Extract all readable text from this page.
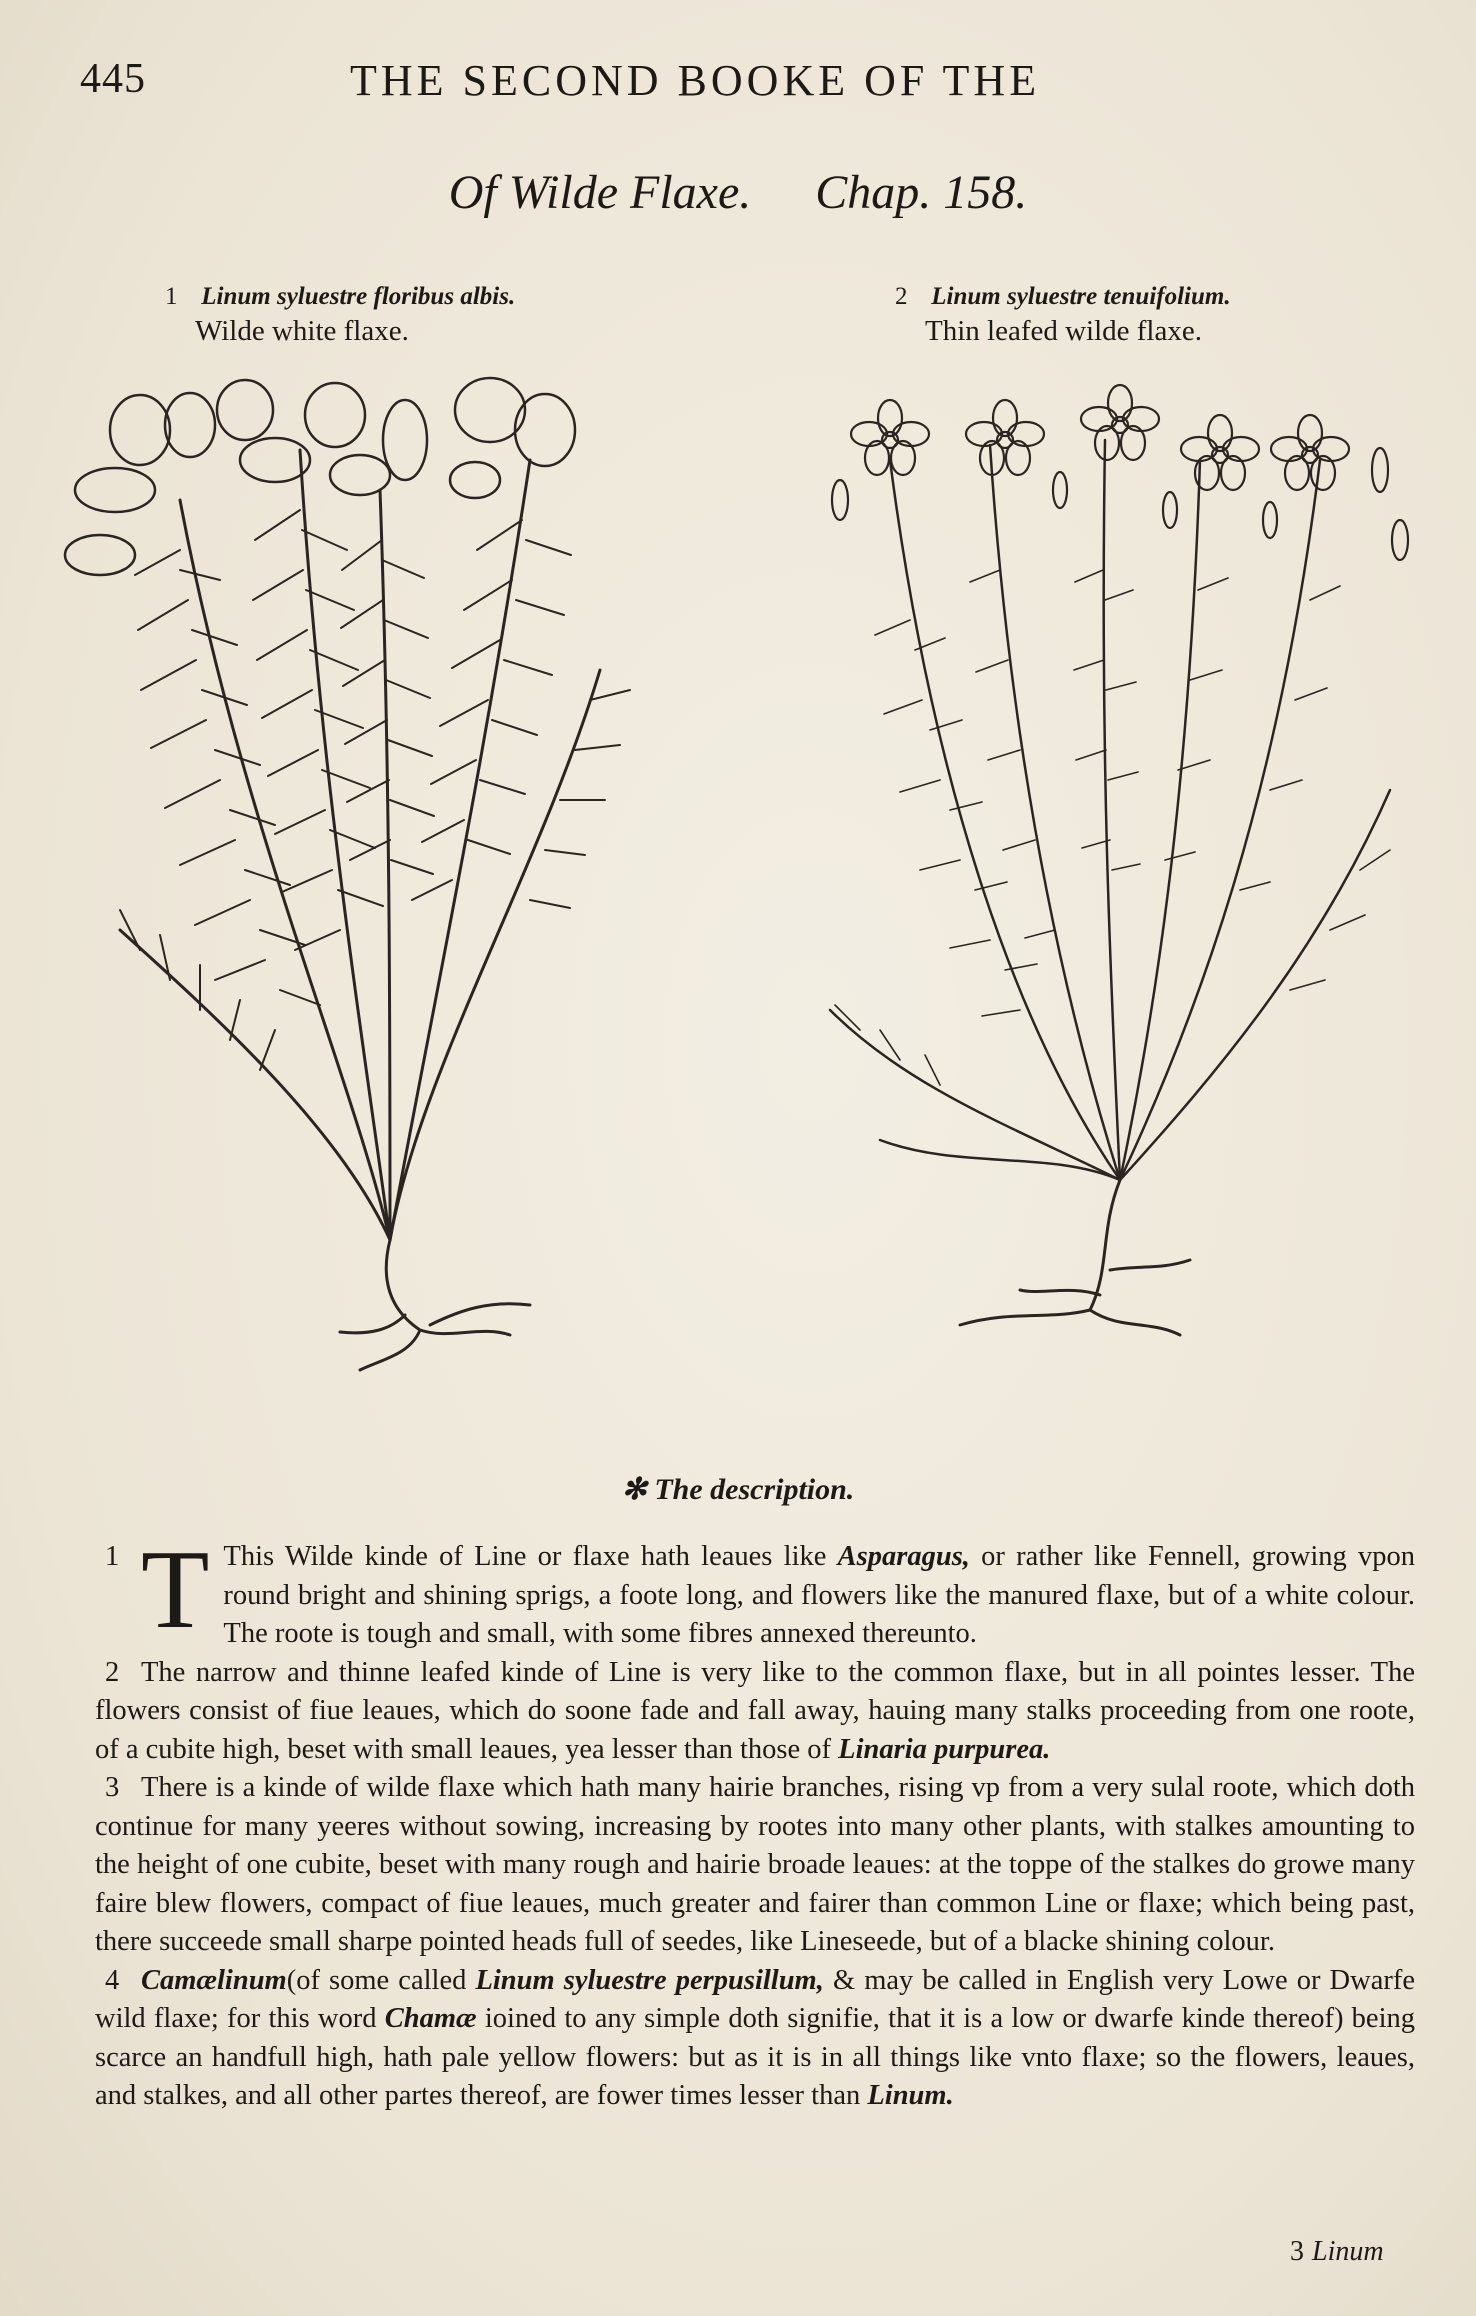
445	THE SECOND BOOKE OF THE
Of Wilde Flaxe. Chap. 158.
1 Linum syluestre floribus albis.
Wilde white flaxe.
2 Linum syluestre tenuifolium.
Thin leafed wilde flaxe.
✻ The description.

1 T This Wilde kinde of Line or flaxe hath leaues like Asparagus, or rather like Fennell, growing vpon round bright and shining sprigs, a foote long, and flowers like the manured flaxe, but of a white colour. The roote is tough and small, with some fibres annexed thereunto.

2 The narrow and thinne leafed kinde of Line is very like to the common flaxe, but in all pointes lesser. The flowers consist of fiue leaues, which do soone fade and fall away, hauing many stalks proceeding from one roote, of a cubite high, beset with small leaues, yea lesser than those of Linaria purpurea.

3 There is a kinde of wilde flaxe which hath many hairie branches, rising vp from a very sulal roote, which doth continue for many yeeres without sowing, increasing by rootes into many other plants, with stalkes amounting to the height of one cubite, beset with many rough and hairie broade leaues: at the toppe of the stalkes do growe many faire blew flowers, compact of fiue leaues, much greater and fairer than common Line or flaxe; which being past, there succeede small sharpe pointed heads full of seedes, like Lineseede, but of a blacke shining colour.

4 Camælinum(of some called Linum syluestre perpusillum, & may be called in English very Lowe or Dwarfe wild flaxe; for this word Chamæ ioined to any simple doth signifie, that it is a low or dwarfe kinde thereof) being scarce an handfull high, hath pale yellow flowers: but as it is in all things like vnto flaxe; so the flowers, leaues, and stalkes, and all other partes thereof, are fower times lesser than Linum.

3 Linum
